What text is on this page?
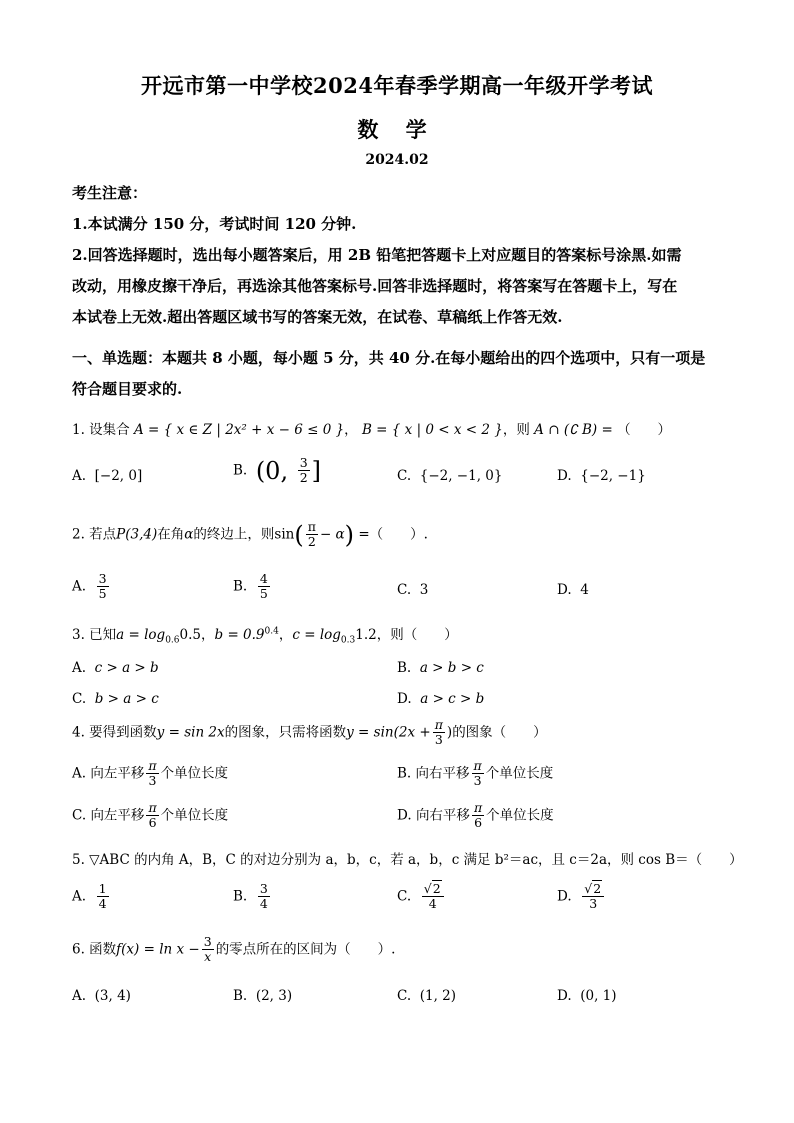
开远市第一中学校2024年春季学期高一年级开学考试
数 学
2024.02
考生注意：
1.本试满分 150 分，考试时间 120 分钟.
2.回答选择题时，选出每小题答案后，用 2B 铅笔把答题卡上对应题目的答案标号涂黑.如需
改动，用橡皮擦干净后，再选涂其他答案标号.回答非选择题时，将答案写在答题卡上，写在
本试卷上无效.超出答题区域书写的答案无效，在试卷、草稿纸上作答无效.
一、单选题：本题共 8 小题，每小题 5 分，共 40 分.在每小题给出的四个选项中，只有一项是
符合题目要求的.
1. 设集合 A = { x ∈ Z | 2x² + x − 6 ≤ 0 }， B = { x | 0 < x < 2 }，则 A ∩ (∁ B) = （　　）
A. [−2, 0]	B. (0, $\frac{3}{2}$ ]	C. {−2, −1, 0}	D. {−2, −1}
2. 若点P(3,4)在角α的终边上，则$\sin( \frac{\pi}{2} - \alpha)$ =（　　）.
A. $\frac{3}{5}$	B. $\frac{4}{5}$	C. 3	D. 4
3. 已知$a = \log_{0.6}0.5$，$b = 0.9^{0.4}$，$c = \log_{0.3}1.2$，则（　　）
A. c > a > b	B. a > b > c
C. b > a > c	D. a > c > b
4. 要得到函数y = sin 2x的图象，只需将函数$y = \sin(2x + \frac{\pi}{3}$ )的图象（　　）
A. 向左平移 $\frac{\pi}{3}$ 个单位长度	B. 向右平移 $\frac{\pi}{3}$ 个单位长度
C. 向左平移 $\frac{\pi}{6}$ 个单位长度	D. 向右平移 $\frac{\pi}{6}$ 个单位长度
5. ▽ABC 的内角 A，B，C 的对边分别为 a，b，c，若 a，b，c 满足 b²＝ac，且 c＝2a，则 cos B＝（　　）
A. $\frac{1}{4}$	B. $\frac{3}{4}$	C. $\frac{√2}{4}$	D. $\frac{√2}{3}$
6. 函数$f(x) = \ln x - \frac{3}{x}$ 的零点所在的区间为（　　）.
A. (3, 4)	B. (2, 3)	C. (1, 2)	D. (0, 1)
